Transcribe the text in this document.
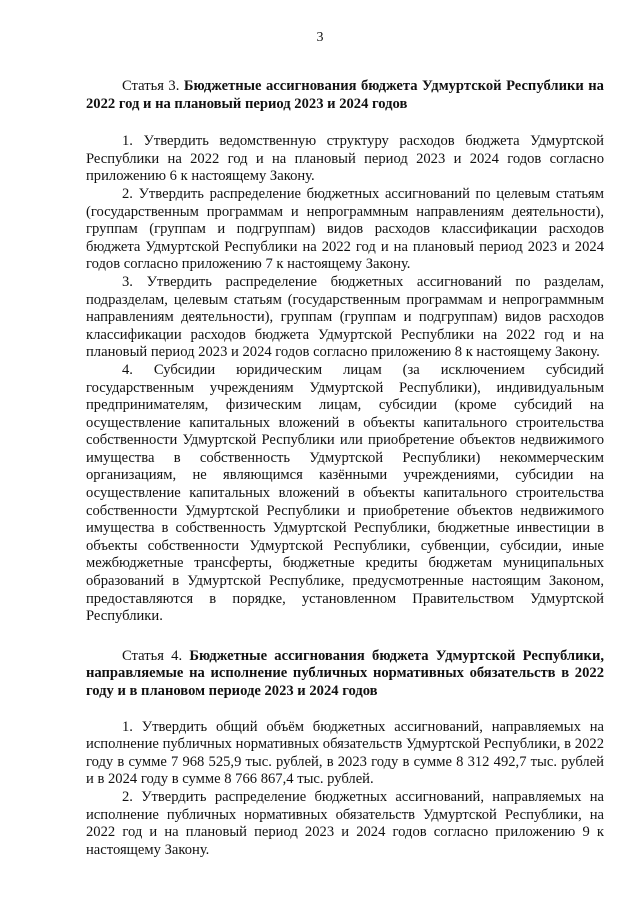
3

Статья 3. Бюджетные ассигнования бюджета Удмуртской Республики на 2022 год и на плановый период 2023 и 2024 годов

1. Утвердить ведомственную структуру расходов бюджета Удмуртской Республики на 2022 год и на плановый период 2023 и 2024 годов согласно приложению 6 к настоящему Закону.

2. Утвердить распределение бюджетных ассигнований по целевым статьям (государственным программам и непрограммным направлениям деятельности), группам (группам и подгруппам) видов расходов классификации расходов бюджета Удмуртской Республики на 2022 год и на плановый период 2023 и 2024 годов согласно приложению 7 к настоящему Закону.

3. Утвердить распределение бюджетных ассигнований по разделам, подразделам, целевым статьям (государственным программам и непрограммным направлениям деятельности), группам (группам и подгруппам) видов расходов классификации расходов бюджета Удмуртской Республики на 2022 год и на плановый период 2023 и 2024 годов согласно приложению 8 к настоящему Закону.

4. Субсидии юридическим лицам (за исключением субсидий государственным учреждениям Удмуртской Республики), индивидуальным предпринимателям, физическим лицам, субсидии (кроме субсидий на осуществление капитальных вложений в объекты капитального строительства собственности Удмуртской Республики или приобретение объектов недвижимого имущества в собственность Удмуртской Республики) некоммерческим организациям, не являющимся казёнными учреждениями, субсидии на осуществление капитальных вложений в объекты капитального строительства собственности Удмуртской Республики и приобретение объектов недвижимого имущества в собственность Удмуртской Республики, бюджетные инвестиции в объекты собственности Удмуртской Республики, субвенции, субсидии, иные межбюджетные трансферты, бюджетные кредиты бюджетам муниципальных образований в Удмуртской Республике, предусмотренные настоящим Законом, предоставляются в порядке, установленном Правительством Удмуртской Республики.

Статья 4. Бюджетные ассигнования бюджета Удмуртской Республики, направляемые на исполнение публичных нормативных обязательств в 2022 году и в плановом периоде 2023 и 2024 годов

1. Утвердить общий объём бюджетных ассигнований, направляемых на исполнение публичных нормативных обязательств Удмуртской Республики, в 2022 году в сумме 7 968 525,9 тыс. рублей, в 2023 году в сумме 8 312 492,7 тыс. рублей и в 2024 году в сумме 8 766 867,4 тыс. рублей.

2. Утвердить распределение бюджетных ассигнований, направляемых на исполнение публичных нормативных обязательств Удмуртской Республики, на 2022 год и на плановый период 2023 и 2024 годов согласно приложению 9 к настоящему Закону.
